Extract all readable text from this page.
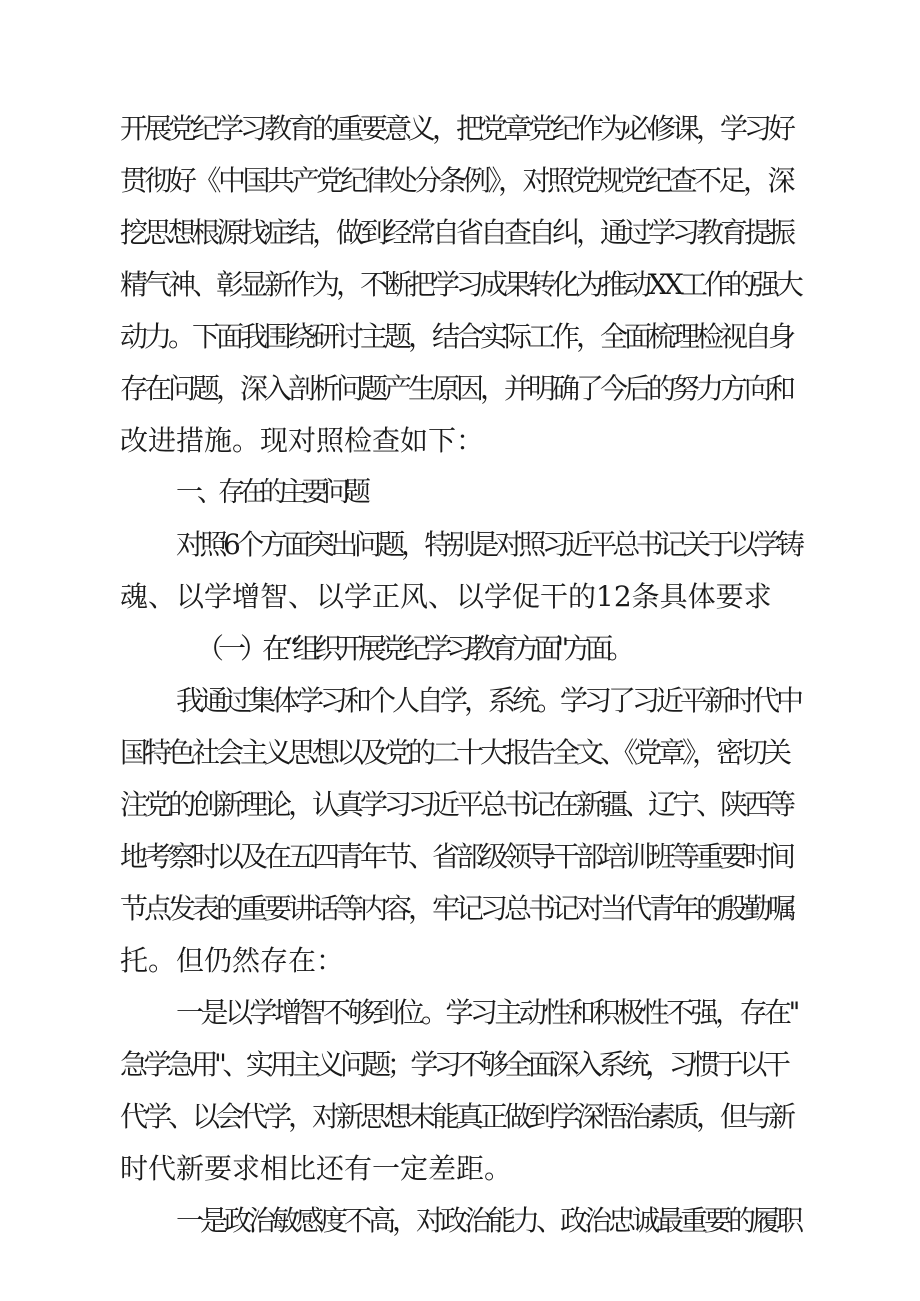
开展党纪学习教育的重要意义，把党章党纪作为必修课，学习好
贯彻好《中国共产党纪律处分条例》，对照党规党纪查不足，深
挖思想根源找症结，做到经常自省自查自纠，通过学习教育提振
精气神、彰显新作为，不断把学习成果转化为推动XX工作的强大
动力。下面我围绕研讨主题，结合实际工作，全面梳理检视自身
存在问题，深入剖析问题产生原因，并明确了今后的努力方向和
改进措施。现对照检查如下：
一、存在的主要问题
对照6个方面突出问题，特别是对照习近平总书记关于以学铸
魂、以学增智、以学正风、以学促干的12条具体要求
（一）在“组织开展党纪学习教育方面"方面。
我通过集体学习和个人自学，系统。学习了习近平新时代中
国特色社会主义思想以及党的二十大报告全文、《党章》，密切关
注党的创新理论，认真学习习近平总书记在新疆、辽宁、陕西等
地考察时以及在五四青年节、省部级领导干部培训班等重要时间
节点发表的重要讲话等内容，牢记习总书记对当代青年的殷勤嘱
托。但仍然存在：
一是以学增智不够到位。学习主动性和积极性不强，存在''
急学急用"、实用主义问题；学习不够全面深入系统，习惯于以干
代学、以会代学，对新思想未能真正做到学深悟治素质，但与新
时代新要求相比还有一定差距。
一是政治敏感度不高，对政治能力、政治忠诚最重要的履职
